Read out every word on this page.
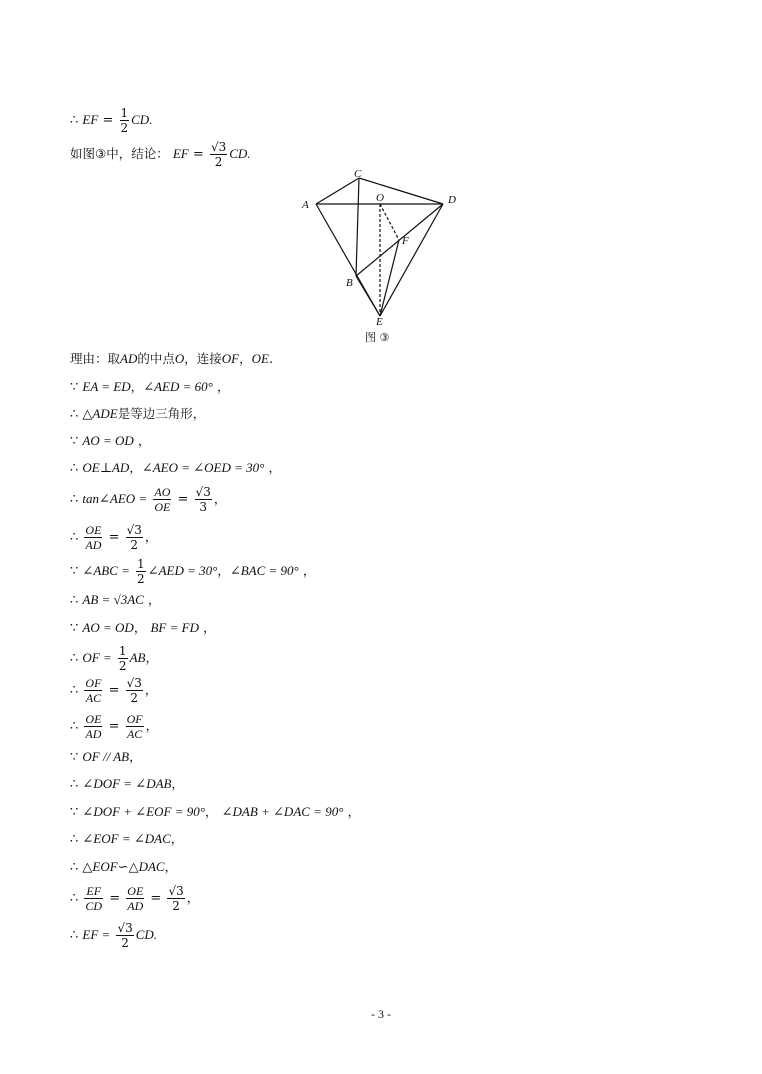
∴ EF = $\frac{1}{2}$ CD.
如图③中，结论： EF = $\frac{√3}{2}$ CD.
A
C
D
O
F
B
E
图 ③
理由：取AD的中点O，连接OF，OE.
∵ EA = ED，∠AED = 60° ，
∴ △ADE是等边三角形，
∵ AO = OD ，
∴ OE⊥AD，∠AEO = ∠OED = 30° ，
∴ tan∠AEO = $\frac{AO}{OE} = \frac{√3}{3}$ ，
∴ $\frac{OE}{AD} = \frac{√3}{2}$ ，
∵ ∠ABC = $\frac{1}{2}$ ∠AED = 30°，∠BAC = 90° ，
∴ AB = √3AC ，
∵ AO = OD， BF = FD ，
∴ OF = $\frac{1}{2}$ AB，
∴ $\frac{OF}{AC} = \frac{√3}{2}$ ，
∴ $\frac{OE}{AD} = \frac{OF}{AC}$ ，
∵ OF // AB，
∴ ∠DOF = ∠DAB，
∵ ∠DOF + ∠EOF = 90°， ∠DAB + ∠DAC = 90° ，
∴ ∠EOF = ∠DAC，
∴ △EOF∽△DAC，
∴ $\frac{EF}{CD} = \frac{OE}{AD} = \frac{√3}{2}$ ，
∴ EF = $\frac{√3}{2}$ CD.
- 3 -
